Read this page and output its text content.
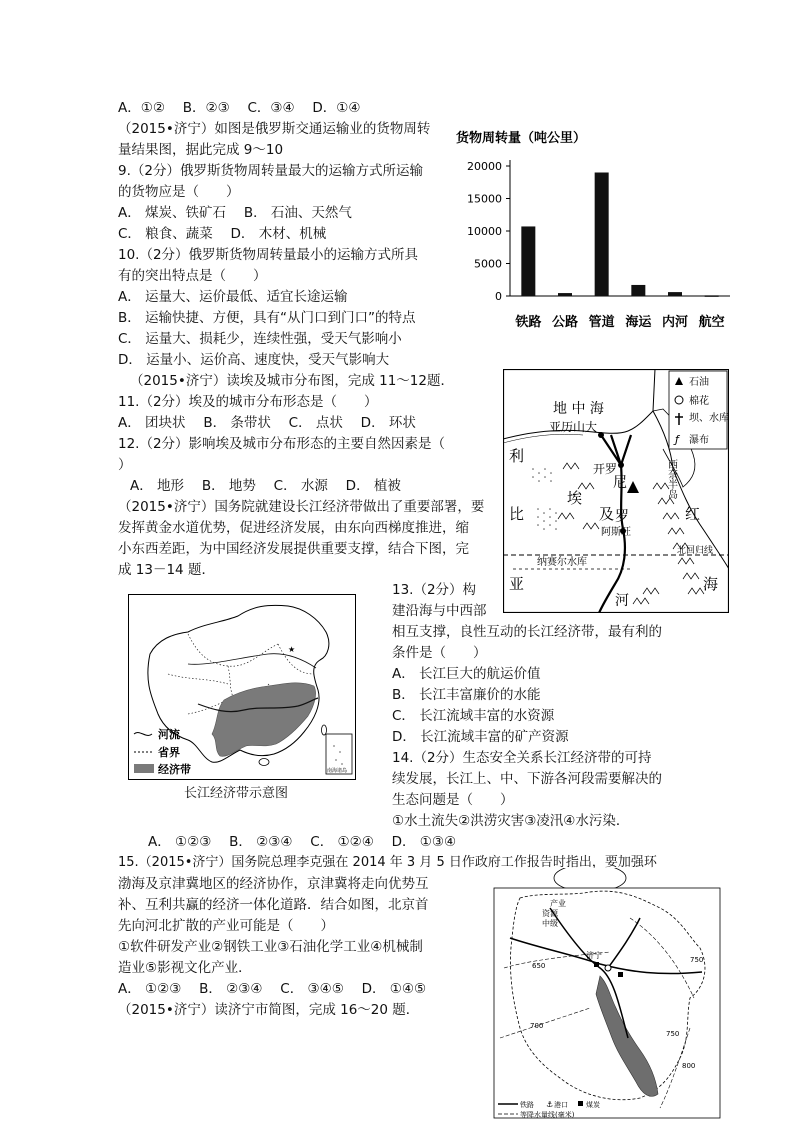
A．①②　 B．②③　 C．③④　 D．①④
（2015•济宁）如图是俄罗斯交通运输业的货物周转
量结果图，据此完成 9～10
9.（2分）俄罗斯货物周转量最大的运输方式所运输
的货物应是（　　）
A． 煤炭、铁矿石　 B． 石油、天然气
C． 粮食、蔬菜　 D． 木材、机械
10.（2分）俄罗斯货物周转量最小的运输方式所具
有的突出特点是（　　）
A． 运量大、运价最低、适宜长途运输
B． 运输快捷、方便，具有“从门口到门口”的特点
C． 运量大、损耗少，连续性强，受天气影响小
D． 运量小、运价高、速度快，受天气影响大
（2015•济宁）读埃及城市分布图，完成 11～12题．
11.（2分）埃及的城市分布形态是（　　）
A． 团块状　 B． 条带状　 C． 点状　 D． 环状
12.（2分）影响埃及城市分布形态的主要自然因素是（
）
A． 地形　 B． 地势　 C． 水源　 D． 植被
（2015•济宁）国务院就建设长江经济带做出了重要部署，要
发挥黄金水道优势，促进经济发展，由东向西梯度推进，缩
小东西差距，为中国经济发展提供重要支撑，结合下图，完
成 13－14 题．
13.（2分）构
建沿海与中西部
相互支撑，良性互动的长江经济带，最有利的
条件是（　　）
A． 长江巨大的航运价值
B． 长江丰富廉价的水能
C． 长江流域丰富的水资源
D． 长江流域丰富的矿产资源
14.（2分）生态安全关系长江经济带的可持
续发展，长江上、中、下游各河段需要解决的
生态问题是（　　）
①水土流失②洪涝灾害③凌汛④水污染．
A． ①②③　 B． ②③④　 C． ①②④　 D． ①③④
15.（2015•济宁）国务院总理李克强在 2014 年 3 月 5 日作政府工作报告时指出，要加强环
渤海及京津冀地区的经济协作，京津冀将走向优势互
补、互利共赢的经济一体化道路．结合如图，北京首
先向河北扩散的产业可能是（　　）
①软件研发产业②钢铁工业③石油化学工业④机械制
造业⑤影视文化产业．
A． ①②③　 B． ②③④　 C． ③④⑤　 D． ①④⑤
（2015•济宁）读济宁市简图，完成 16～20 题．
货物周转量（吨公里）
0
5000
10000
15000
20000
铁路 公路 管道 海运 内河 航空
石油
棉花
坝、水库
ƒ 瀑布
地 中 海
亚历山大
开罗
阿斯旺
纳赛尔水库
北回归线
尼
罗
河
埃
及
利
比
亚
红
海
西奈半岛
★
南海诸岛
河流
省界
经济带
长江经济带示意图
资源
产业
中级
济宁
650
700
750
800
750
铁路 ⚓ 港口	煤炭
等降水量线(毫米)
